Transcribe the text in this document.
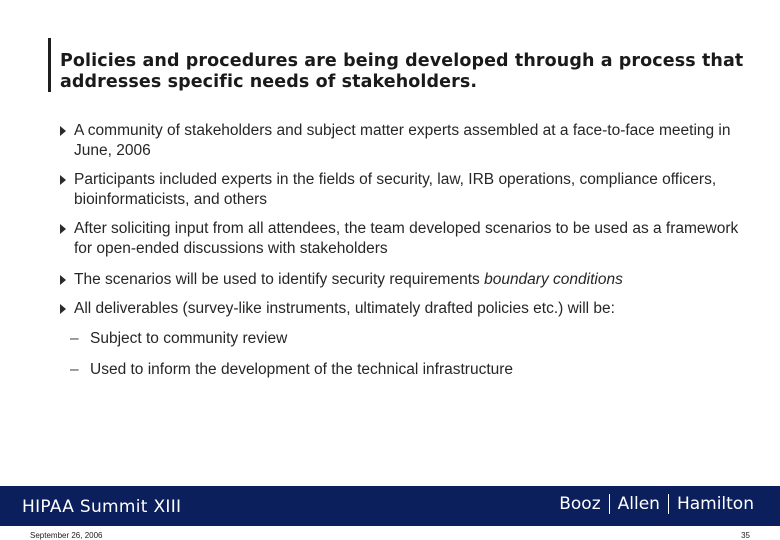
Policies and procedures are being developed through a process that addresses specific needs of stakeholders.
A community of stakeholders and subject matter experts assembled at a face-to-face meeting in June, 2006
Participants included experts in the fields of security, law, IRB operations, compliance officers, bioinformaticists, and others
After soliciting input from all attendees, the team developed scenarios to be used as a framework for open-ended discussions with stakeholders
The scenarios will be used to identify security requirements boundary conditions
All deliverables (survey-like instruments, ultimately drafted policies etc.) will be:
– Subject to community review
– Used to inform the development of the technical infrastructure
HIPAA Summit XIII	Booz	Allen	Hamilton
September 26, 2006	35
